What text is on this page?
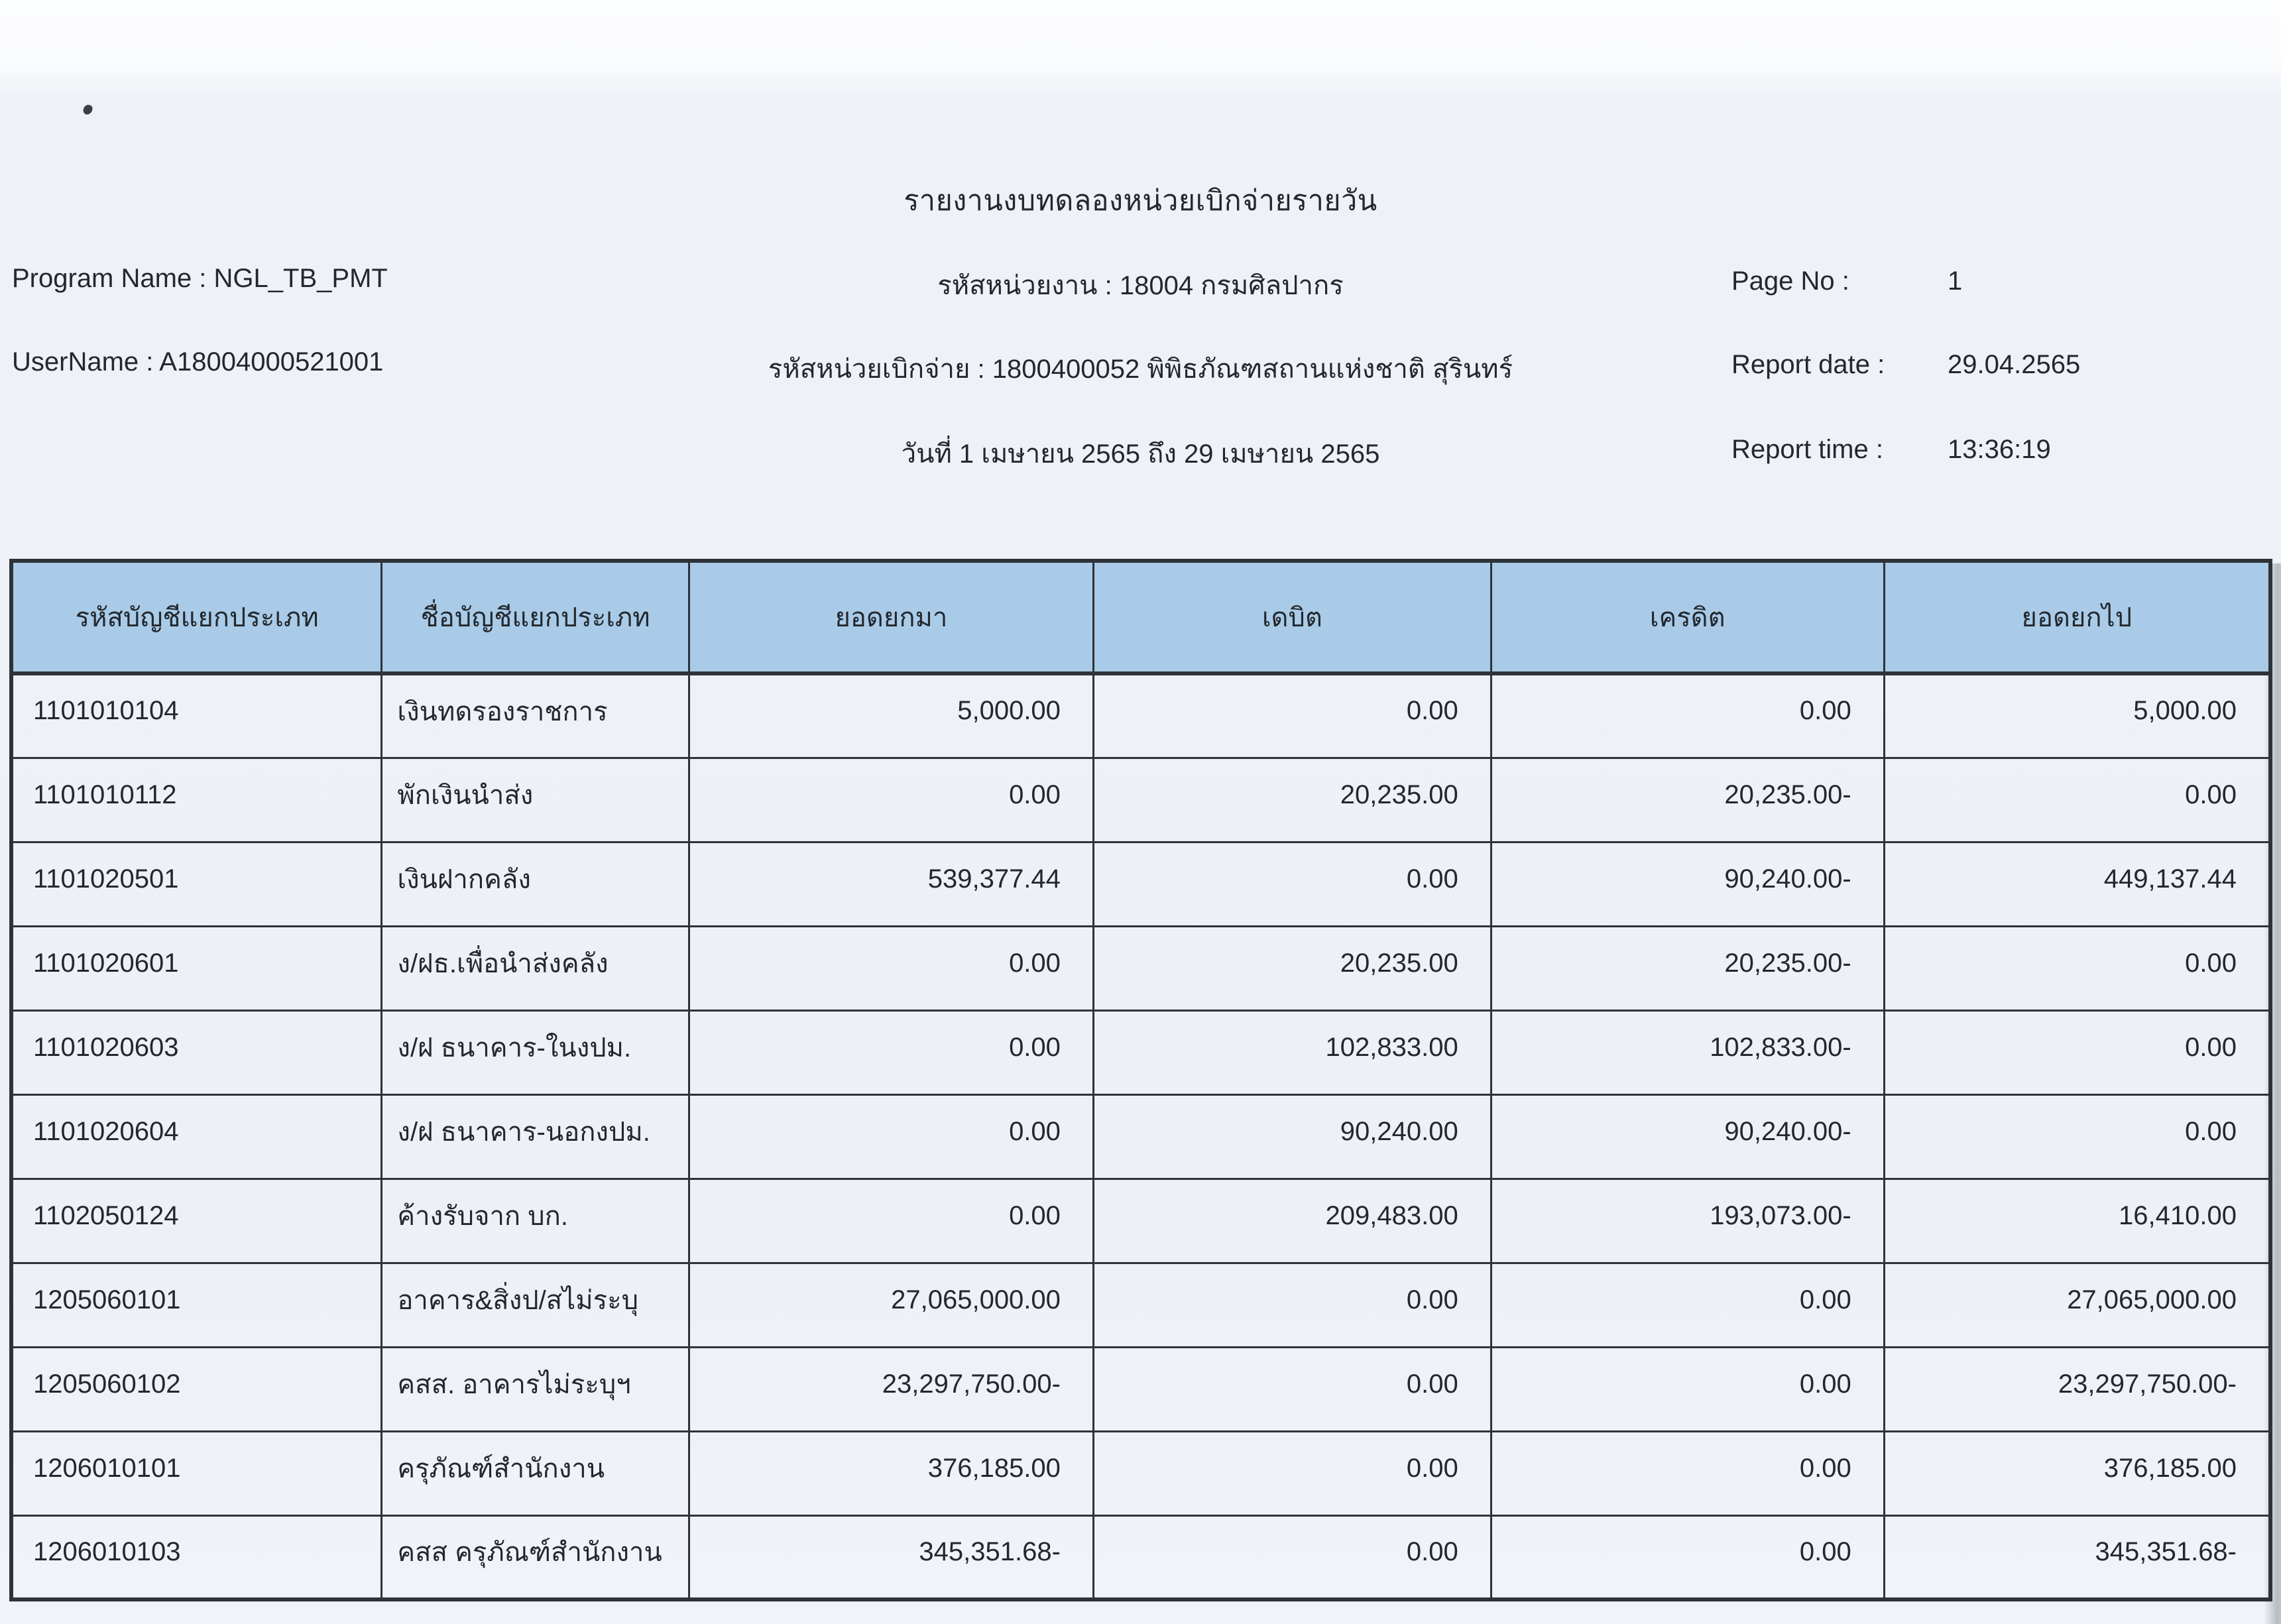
รายงานงบทดลองหน่วยเบิกจ่ายรายวัน
Program Name : NGL_TB_PMT	รหัสหน่วยงาน : 18004 กรมศิลปากร	Page No :	1
UserName : A18004000521001	รหัสหน่วยเบิกจ่าย : 1800400052 พิพิธภัณฑสถานแห่งชาติ สุรินทร์	Report date : 29.04.2565
วันที่ 1 เมษายน 2565 ถึง 29 เมษายน 2565	Report time : 13:36:19
รหัสบัญชีแยกประเภท	ชื่อบัญชีแยกประเภท	ยอดยกมา	เดบิต	เครดิต	ยอดยกไป
1101010104	เงินทดรองราชการ	5,000.00	0.00	0.00	5,000.00
1101010112	พักเงินนำส่ง	0.00	20,235.00	20,235.00-	0.00
1101020501	เงินฝากคลัง	539,377.44	0.00	90,240.00-	449,137.44
1101020601	ง/ฝธ.เพื่อนำส่งคลัง	0.00	20,235.00	20,235.00-	0.00
1101020603	ง/ฝ ธนาคาร-ในงปม.	0.00	102,833.00	102,833.00-	0.00
1101020604	ง/ฝ ธนาคาร-นอกงปม.	0.00	90,240.00	90,240.00-	0.00
1102050124	ค้างรับจาก บก.	0.00	209,483.00	193,073.00-	16,410.00
1205060101	อาคาร&สิ่งป/สไม่ระบุ	27,065,000.00	0.00	0.00	27,065,000.00
1205060102	คสส. อาคารไม่ระบุฯ	23,297,750.00-	0.00	0.00	23,297,750.00-
1206010101	ครุภัณฑ์สำนักงาน	376,185.00	0.00	0.00	376,185.00
1206010103	คสส ครุภัณฑ์สำนักงาน	345,351.68-	0.00	0.00	345,351.68-
